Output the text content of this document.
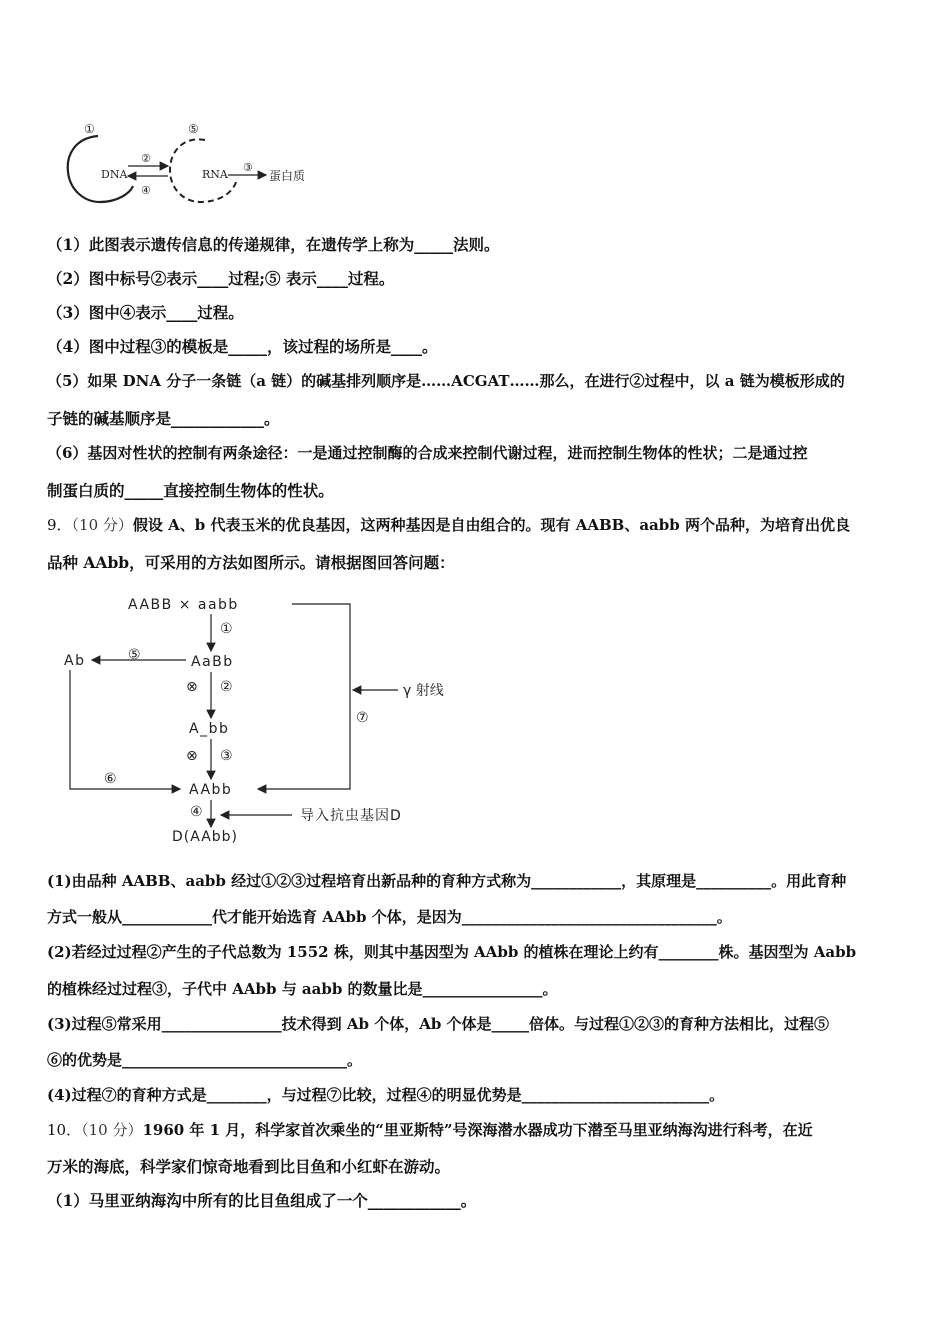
①
DNA
②
④
⑤
RNA
③
蛋白质
（1）此图表示遗传信息的传递规律，在遗传学上称为_____法则。
（2）图中标号②表示____过程;⑤ 表示____过程。
（3）图中④表示____过程。
（4）图中过程③的模板是_____，该过程的场所是____。
（5）如果 DNA 分子一条链（a 链）的碱基排列顺序是……ACGAT……那么，在进行②过程中，以 a 链为模板形成的
子链的碱基顺序是____________。
（6）基因对性状的控制有两条途径：一是通过控制酶的合成来控制代谢过程，进而控制生物体的性状；二是通过控
制蛋白质的_____直接控制生物体的性状。
9．（10 分）假设 A、b 代表玉米的优良基因，这两种基因是自由组合的。现有 AABB、aabb 两个品种，为培育出优良
品种 AAbb，可采用的方法如图所示。请根据图回答问题：
AABB × aabb
AaBb
A_bb
AAbb
D(AAbb)
Ab
①
⊗ ②
⊗ ③
④
⑤
⑥
⑦
γ 射线
导入抗虫基因D
(1)由品种 AABB、aabb 经过①②③过程培育出新品种的育种方式称为____________，其原理是__________。用此育种
方式一般从____________代才能开始选育 AAbb 个体，是因为__________________________________。
(2)若经过过程②产生的子代总数为 1552 株，则其中基因型为 AAbb 的植株在理论上约有________株。基因型为 Aabb
的植株经过过程③，子代中 AAbb 与 aabb 的数量比是________________。
(3)过程⑤常采用________________技术得到 Ab 个体，Ab 个体是_____倍体。与过程①②③的育种方法相比，过程⑤
⑥的优势是______________________________。
(4)过程⑦的育种方式是________，与过程⑦比较，过程④的明显优势是_________________________。
10．（10 分）1960 年 1 月，科学家首次乘坐的“里亚斯特”号深海潜水器成功下潜至马里亚纳海沟进行科考，在近
万米的海底，科学家们惊奇地看到比目鱼和小红虾在游动。
（1）马里亚纳海沟中所有的比目鱼组成了一个____________。
